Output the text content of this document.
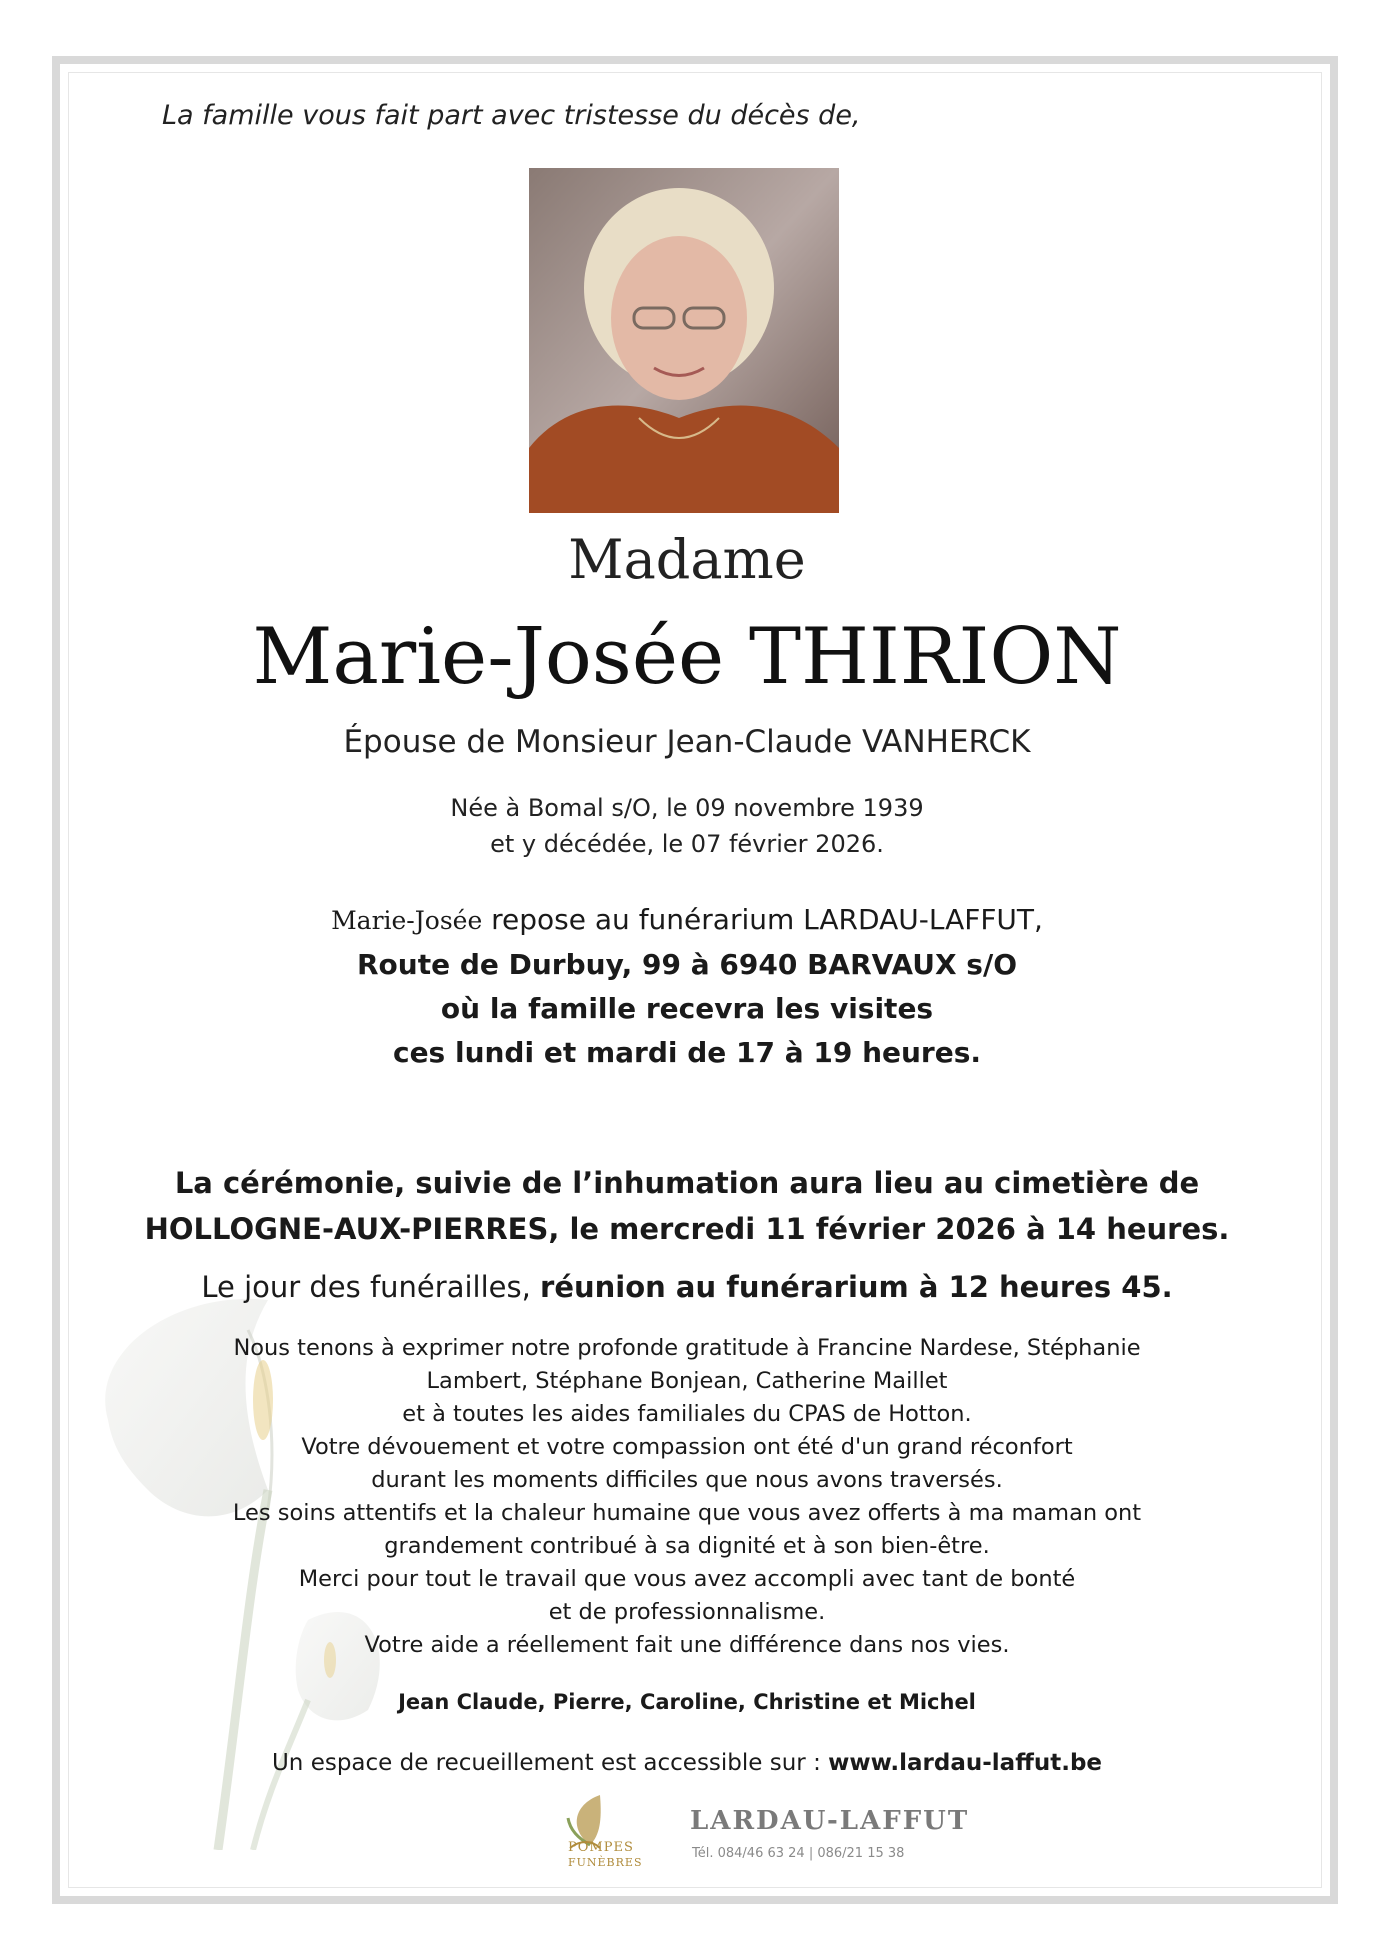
La famille vous fait part avec tristesse du décès de,
Madame
Marie-Josée THIRION
Épouse de Monsieur Jean-Claude VANHERCK
Née à Bomal s/O, le 09 novembre 1939
et y décédée, le 07 février 2026.
Marie-Josée repose au funérarium LARDAU-LAFFUT,
Route de Durbuy, 99 à 6940 BARVAUX s/O
où la famille recevra les visites
ces lundi et mardi de 17 à 19 heures.
La cérémonie, suivie de l’inhumation aura lieu au cimetière de
HOLLOGNE-AUX-PIERRES, le mercredi 11 février 2026 à 14 heures.
Le jour des funérailles, réunion au funérarium à 12 heures 45.
Nous tenons à exprimer notre profonde gratitude à Francine Nardese, Stéphanie
Lambert, Stéphane Bonjean, Catherine Maillet
et à toutes les aides familiales du CPAS de Hotton.
Votre dévouement et votre compassion ont été d'un grand réconfort
durant les moments difficiles que nous avons traversés.
Les soins attentifs et la chaleur humaine que vous avez offerts à ma maman ont
grandement contribué à sa dignité et à son bien-être.
Merci pour tout le travail que vous avez accompli avec tant de bonté
et de professionnalisme.
Votre aide a réellement fait une différence dans nos vies.
Jean Claude, Pierre, Caroline, Christine et Michel
Un espace de recueillement est accessible sur : www.lardau-laffut.be
POMPES
FUNÈBRES
LARDAU-LAFFUT
Tél. 084/46 63 24 | 086/21 15 38
